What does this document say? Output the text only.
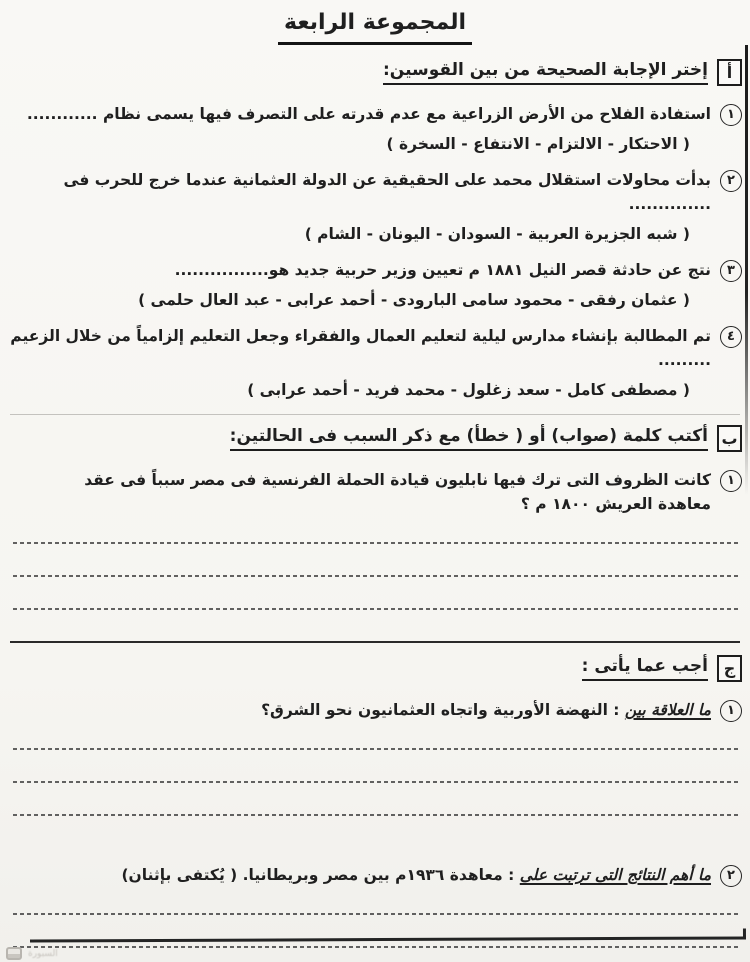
المجموعة الرابعة
أ
إختر الإجابة الصحيحة من بين القوسين:

١
استفادة الفلاح من الأرض الزراعية مع عدم قدرته على التصرف فيها يسمى نظام ............

( الاحتكار - الالتزام - الانتفاع - السخرة )

٢
بدأت محاولات استقلال محمد على الحقيقية عن الدولة العثمانية عندما خرج للحرب فى ..............

( شبه الجزيرة العربية - السودان - اليونان - الشام )

٣
نتج عن حادثة قصر النيل ١٨٨١ م تعيين وزير حربية جديد هو................

( عثمان رفقى - محمود سامى البارودى - أحمد عرابى - عبد العال حلمى )

٤
تم المطالبة بإنشاء مدارس ليلية لتعليم العمال والفقراء وجعل التعليم إلزامياً من خلال الزعيم .........

( مصطفى كامل - سعد زغلول - محمد فريد - أحمد عرابى )

ب
أكتب كلمة (صواب) أو ( خطأ) مع ذكر السبب فى الحالتين:

١
كانت الظروف التى ترك فيها نابليون قيادة الحملة الفرنسية فى مصر سبباً فى عقد معاهدة العريش ١٨٠٠ م ؟

ج
أجب عما يأتى :

١
ما العلاقة بين : النهضة الأوربية واتجاه العثمانيون نحو الشرق؟

٢
ما أهم النتائج التى ترتبت على : معاهدة ١٩٣٦م بين مصر وبريطانيا. ( يُكتفى بإثنان)

السبورة
